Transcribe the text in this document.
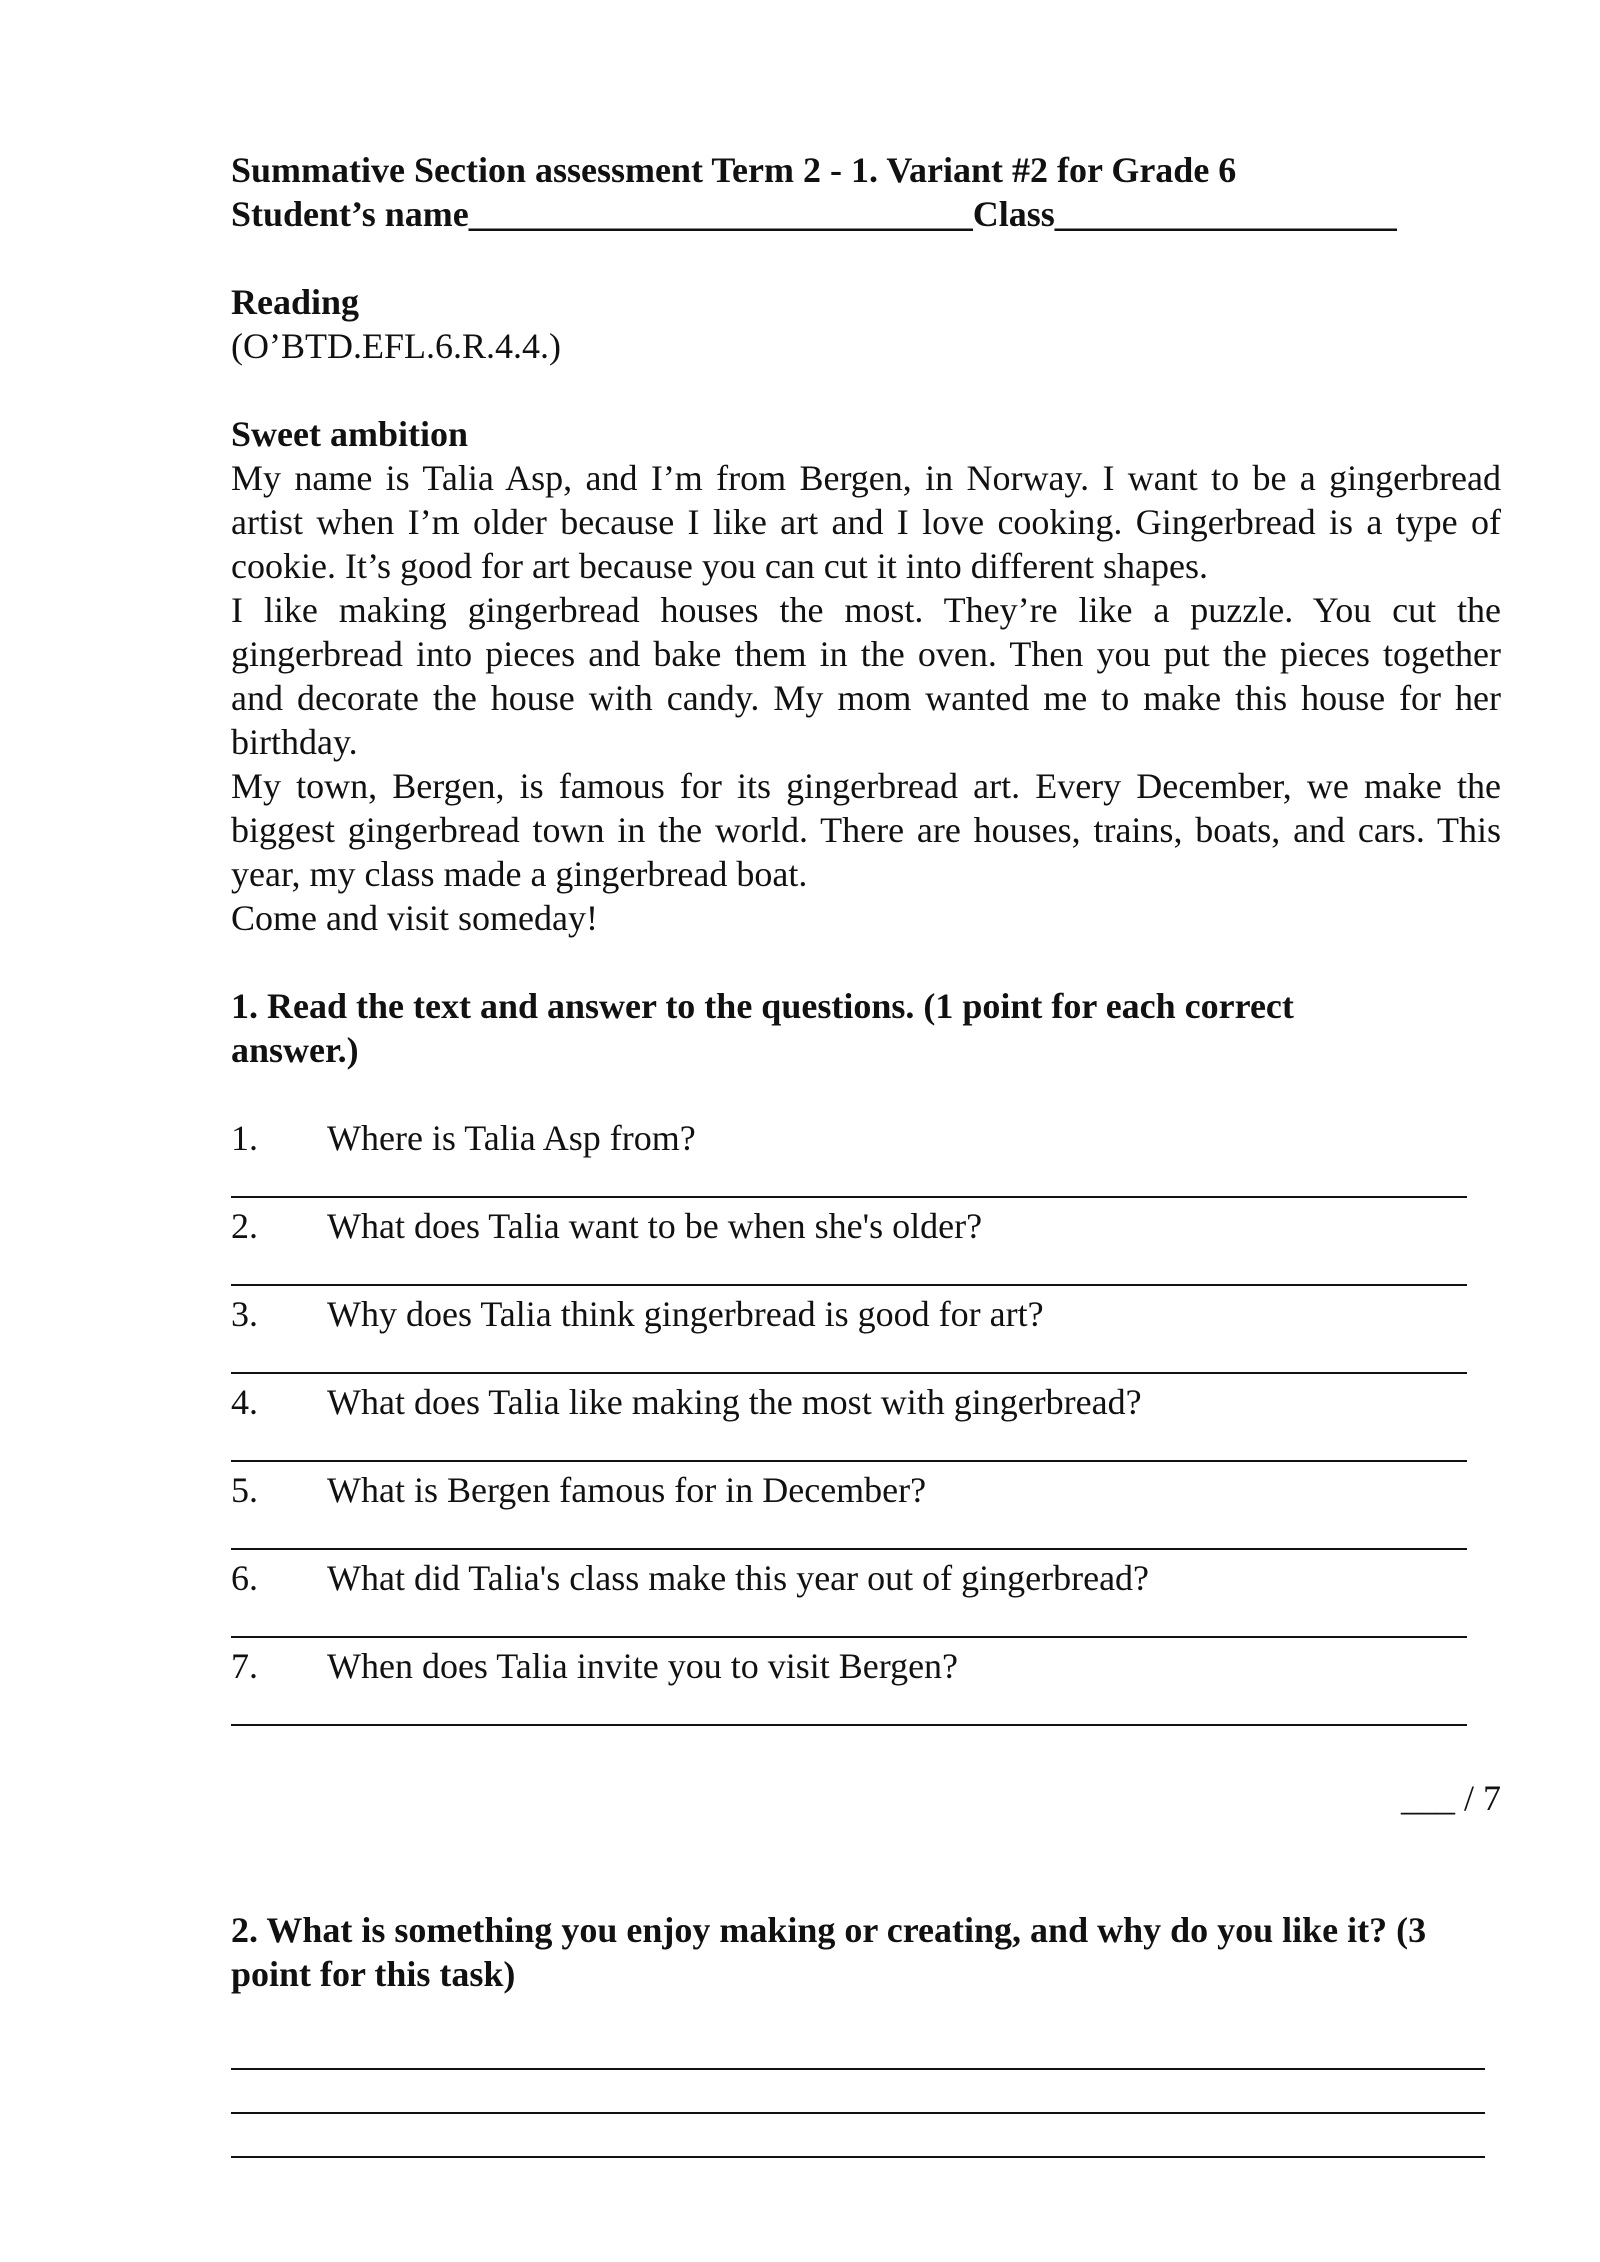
Summative Section assessment Term 2 - 1. Variant #2 for Grade 6
Student’s name____________________________Class___________________
Reading
(O’BTD.EFL.6.R.4.4.)
Sweet ambition
My name is Talia Asp, and I’m from Bergen, in Norway. I want to be a gingerbread artist when I’m older because I like art and I love cooking. Gingerbread is a type of cookie. It’s good for art because you can cut it into different shapes.
I like making gingerbread houses the most. They’re like a puzzle. You cut the gingerbread into pieces and bake them in the oven. Then you put the pieces together and decorate the house with candy. My mom wanted me to make this house for her birthday.
My town, Bergen, is famous for its gingerbread art. Every December, we make the biggest gingerbread town in the world. There are houses, trains, boats, and cars. This year, my class made a gingerbread boat.
Come and visit someday!
1. Read the text and answer to the questions. (1 point for each correct answer.)
1. Where is Talia Asp from?
2. What does Talia want to be when she's older?
3. Why does Talia think gingerbread is good for art?
4. What does Talia like making the most with gingerbread?
5. What is Bergen famous for in December?
6. What did Talia's class make this year out of gingerbread?
7. When does Talia invite you to visit Bergen?
___ / 7
2. What is something you enjoy making or creating, and why do you like it? (3 point for this task)
